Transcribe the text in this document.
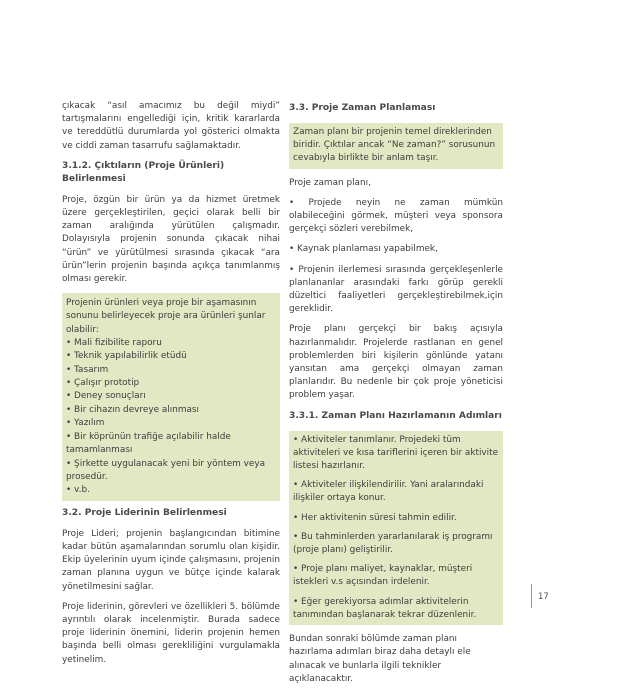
çıkacak “asıl amacımız bu değil miydi” tartışmalarını engellediği için, kritik kararlarda ve tereddütlü durumlarda yol gösterici olmakta ve ciddi zaman tasarrufu sağlamaktadır.

3.1.2. Çıktıların (Proje Ürünleri) Belirlenmesi

Proje, özgün bir ürün ya da hizmet üretmek üzere gerçekleştirilen, geçici olarak belli bir zaman aralığında yürütülen çalışmadır. Dolayısıyla projenin sonunda çıkacak nihai “ürün” ve yürütülmesi sırasında çıkacak “ara ürün”lerin projenin başında açıkça tanımlanmış olması gerekir.

Projenin ürünleri veya proje bir aşamasının sonunu belirleyecek proje ara ürünleri şunlar olabilir:

• Mali fizibilite raporu

• Teknik yapılabilirlik etüdü

• Tasarım

• Çalışır prototip

• Deney sonuçları

• Bir cihazın devreye alınması

• Yazılım

• Bir köprünün trafiğe açılabilir halde tamamlanması

• Şirkette uygulanacak yeni bir yöntem veya prosedür.

• v.b.

3.2. Proje Liderinin Belirlenmesi

Proje Lideri; projenin başlangıcından bitimine kadar bütün aşamalarından sorumlu olan kişidir. Ekip üyelerinin uyum içinde çalışmasını, projenin zaman planına uygun ve bütçe içinde kalarak yönetilmesini sağlar.

Proje liderinin, görevleri ve özellikleri 5. bölümde ayrıntılı olarak incelenmiştir. Burada sadece proje liderinin önemini, liderin projenin hemen başında belli olması gerekliliğini vurgulamakla yetinelim.

3.3. Proje Zaman Planlaması

Zaman planı bir projenin temel direklerinden biridir. Çıktılar ancak “Ne zaman?” sorusunun cevabıyla birlikte bir anlam taşır.

Proje zaman planı,

• Projede neyin ne zaman mümkün olabileceğini görmek, müşteri veya sponsora gerçekçi sözleri verebilmek,

• Kaynak planlaması yapabilmek,

• Projenin ilerlemesi sırasında gerçekleşenlerle planlananlar arasındaki farkı görüp gerekli düzeltici faaliyetleri gerçekleştirebilmek,için gereklidir.

Proje planı gerçekçi bir bakış açısıyla hazırlanmalıdır. Projelerde rastlanan en genel problemlerden biri kişilerin gönlünde yatanı yansıtan ama gerçekçi olmayan zaman planlarıdır. Bu nedenle bir çok proje yöneticisi problem yaşar.

3.3.1. Zaman Planı Hazırlamanın Adımları

• Aktiviteler tanımlanır. Projedeki tüm aktiviteleri ve kısa tariflerini içeren bir aktivite listesi hazırlanır.

• Aktiviteler ilişkilendirilir. Yani aralarındaki ilişkiler ortaya konur.

• Her aktivitenin süresi tahmin edilir.

• Bu tahminlerden yararlanılarak iş programı (proje planı) geliştirilir.

• Proje planı maliyet, kaynaklar, müşteri istekleri v.s açısından irdelenir.

• Eğer gerekiyorsa adımlar aktivitelerin tanımından başlanarak tekrar düzenlenir.

Bundan sonraki bölümde zaman planı hazırlama adımları biraz daha detaylı ele alınacak ve bunlarla ilgili teknikler açıklanacaktır.

17
